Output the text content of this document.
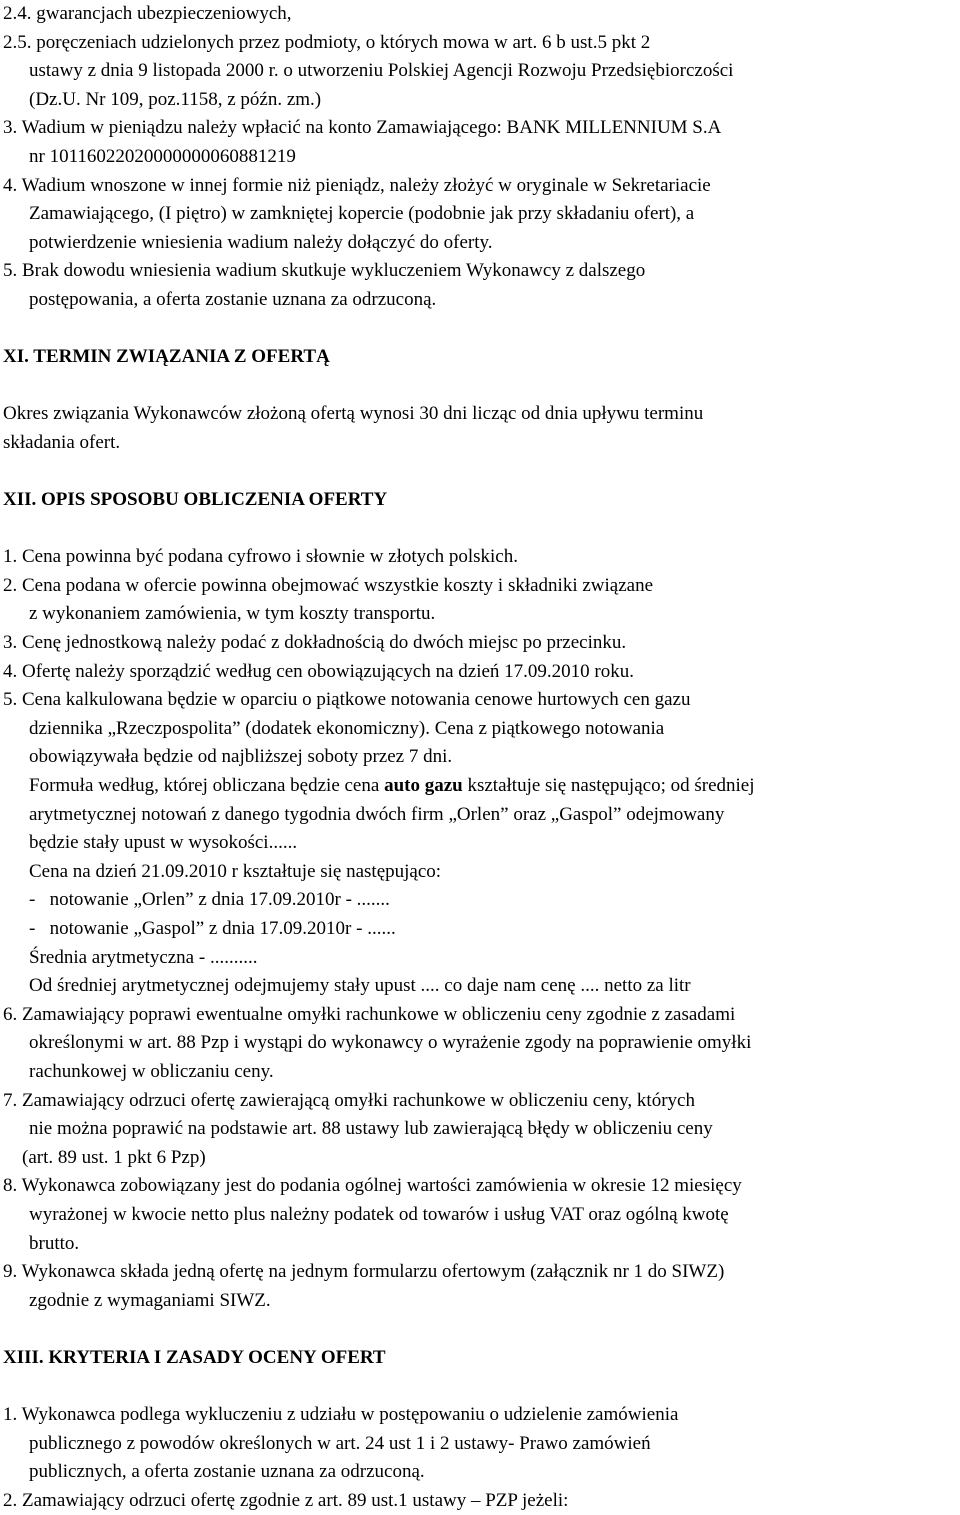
2.4. gwarancjach ubezpieczeniowych,
2.5. poręczeniach udzielonych przez podmioty, o których mowa w art. 6 b ust.5 pkt 2
ustawy z dnia 9 listopada 2000 r. o utworzeniu Polskiej Agencji Rozwoju Przedsiębiorczości
(Dz.U. Nr 109, poz.1158, z późn. zm.)
3. Wadium w pieniądzu należy wpłacić na konto Zamawiającego: BANK MILLENNIUM S.A
nr 10116022020000000060881219
4. Wadium wnoszone w innej formie niż pieniądz, należy złożyć w oryginale w Sekretariacie
Zamawiającego, (I piętro) w zamkniętej kopercie (podobnie jak przy składaniu ofert), a
potwierdzenie wniesienia wadium należy dołączyć do oferty.
5. Brak dowodu wniesienia wadium skutkuje wykluczeniem Wykonawcy z dalszego
postępowania, a oferta zostanie uznana za odrzuconą.
XI. TERMIN ZWIĄZANIA Z OFERTĄ
Okres związania Wykonawców złożoną ofertą wynosi 30 dni licząc od dnia upływu terminu
składania ofert.
XII. OPIS SPOSOBU OBLICZENIA OFERTY
1. Cena powinna być podana cyfrowo i słownie w złotych polskich.
2. Cena podana w ofercie powinna obejmować wszystkie koszty i składniki związane
z wykonaniem zamówienia, w tym koszty transportu.
3. Cenę jednostkową należy podać z dokładnością do dwóch miejsc po przecinku.
4. Ofertę należy sporządzić według cen obowiązujących na dzień 17.09.2010 roku.
5. Cena kalkulowana będzie w oparciu o piątkowe notowania cenowe hurtowych cen gazu
dziennika „Rzeczpospolita” (dodatek ekonomiczny). Cena z piątkowego notowania
obowiązywała będzie od najbliższej soboty przez 7 dni.
Formuła według, której obliczana będzie cena auto gazu kształtuje się następująco; od średniej
arytmetycznej notowań z danego tygodnia dwóch firm „Orlen” oraz „Gaspol” odejmowany
będzie stały upust w wysokości......
Cena na dzień 21.09.2010 r kształtuje się następująco:
-   notowanie „Orlen” z dnia 17.09.2010r - .......
-   notowanie „Gaspol” z dnia 17.09.2010r - ......
Średnia arytmetyczna - ..........
Od średniej arytmetycznej odejmujemy stały upust .... co daje nam cenę .... netto za litr
6. Zamawiający poprawi ewentualne omyłki rachunkowe w obliczeniu ceny zgodnie z zasadami
określonymi w art. 88 Pzp i wystąpi do wykonawcy o wyrażenie zgody na poprawienie omyłki
rachunkowej w obliczaniu ceny.
7. Zamawiający odrzuci ofertę zawierającą omyłki rachunkowe w obliczeniu ceny, których
nie można poprawić na podstawie art. 88 ustawy lub zawierającą błędy w obliczeniu ceny
(art. 89 ust. 1 pkt 6 Pzp)
8. Wykonawca zobowiązany jest do podania ogólnej wartości zamówienia w okresie 12 miesięcy
wyrażonej w kwocie netto plus należny podatek od towarów i usług VAT oraz ogólną kwotę
brutto.
9. Wykonawca składa jedną ofertę na jednym formularzu ofertowym (załącznik nr 1 do SIWZ)
zgodnie z wymaganiami SIWZ.
XIII. KRYTERIA I ZASADY OCENY OFERT
1. Wykonawca podlega wykluczeniu z udziału w postępowaniu o udzielenie zamówienia
publicznego z powodów określonych w art. 24 ust 1 i 2 ustawy- Prawo zamówień
publicznych, a oferta zostanie uznana za odrzuconą.
2. Zamawiający odrzuci ofertę zgodnie z art. 89 ust.1 ustawy – PZP jeżeli:
